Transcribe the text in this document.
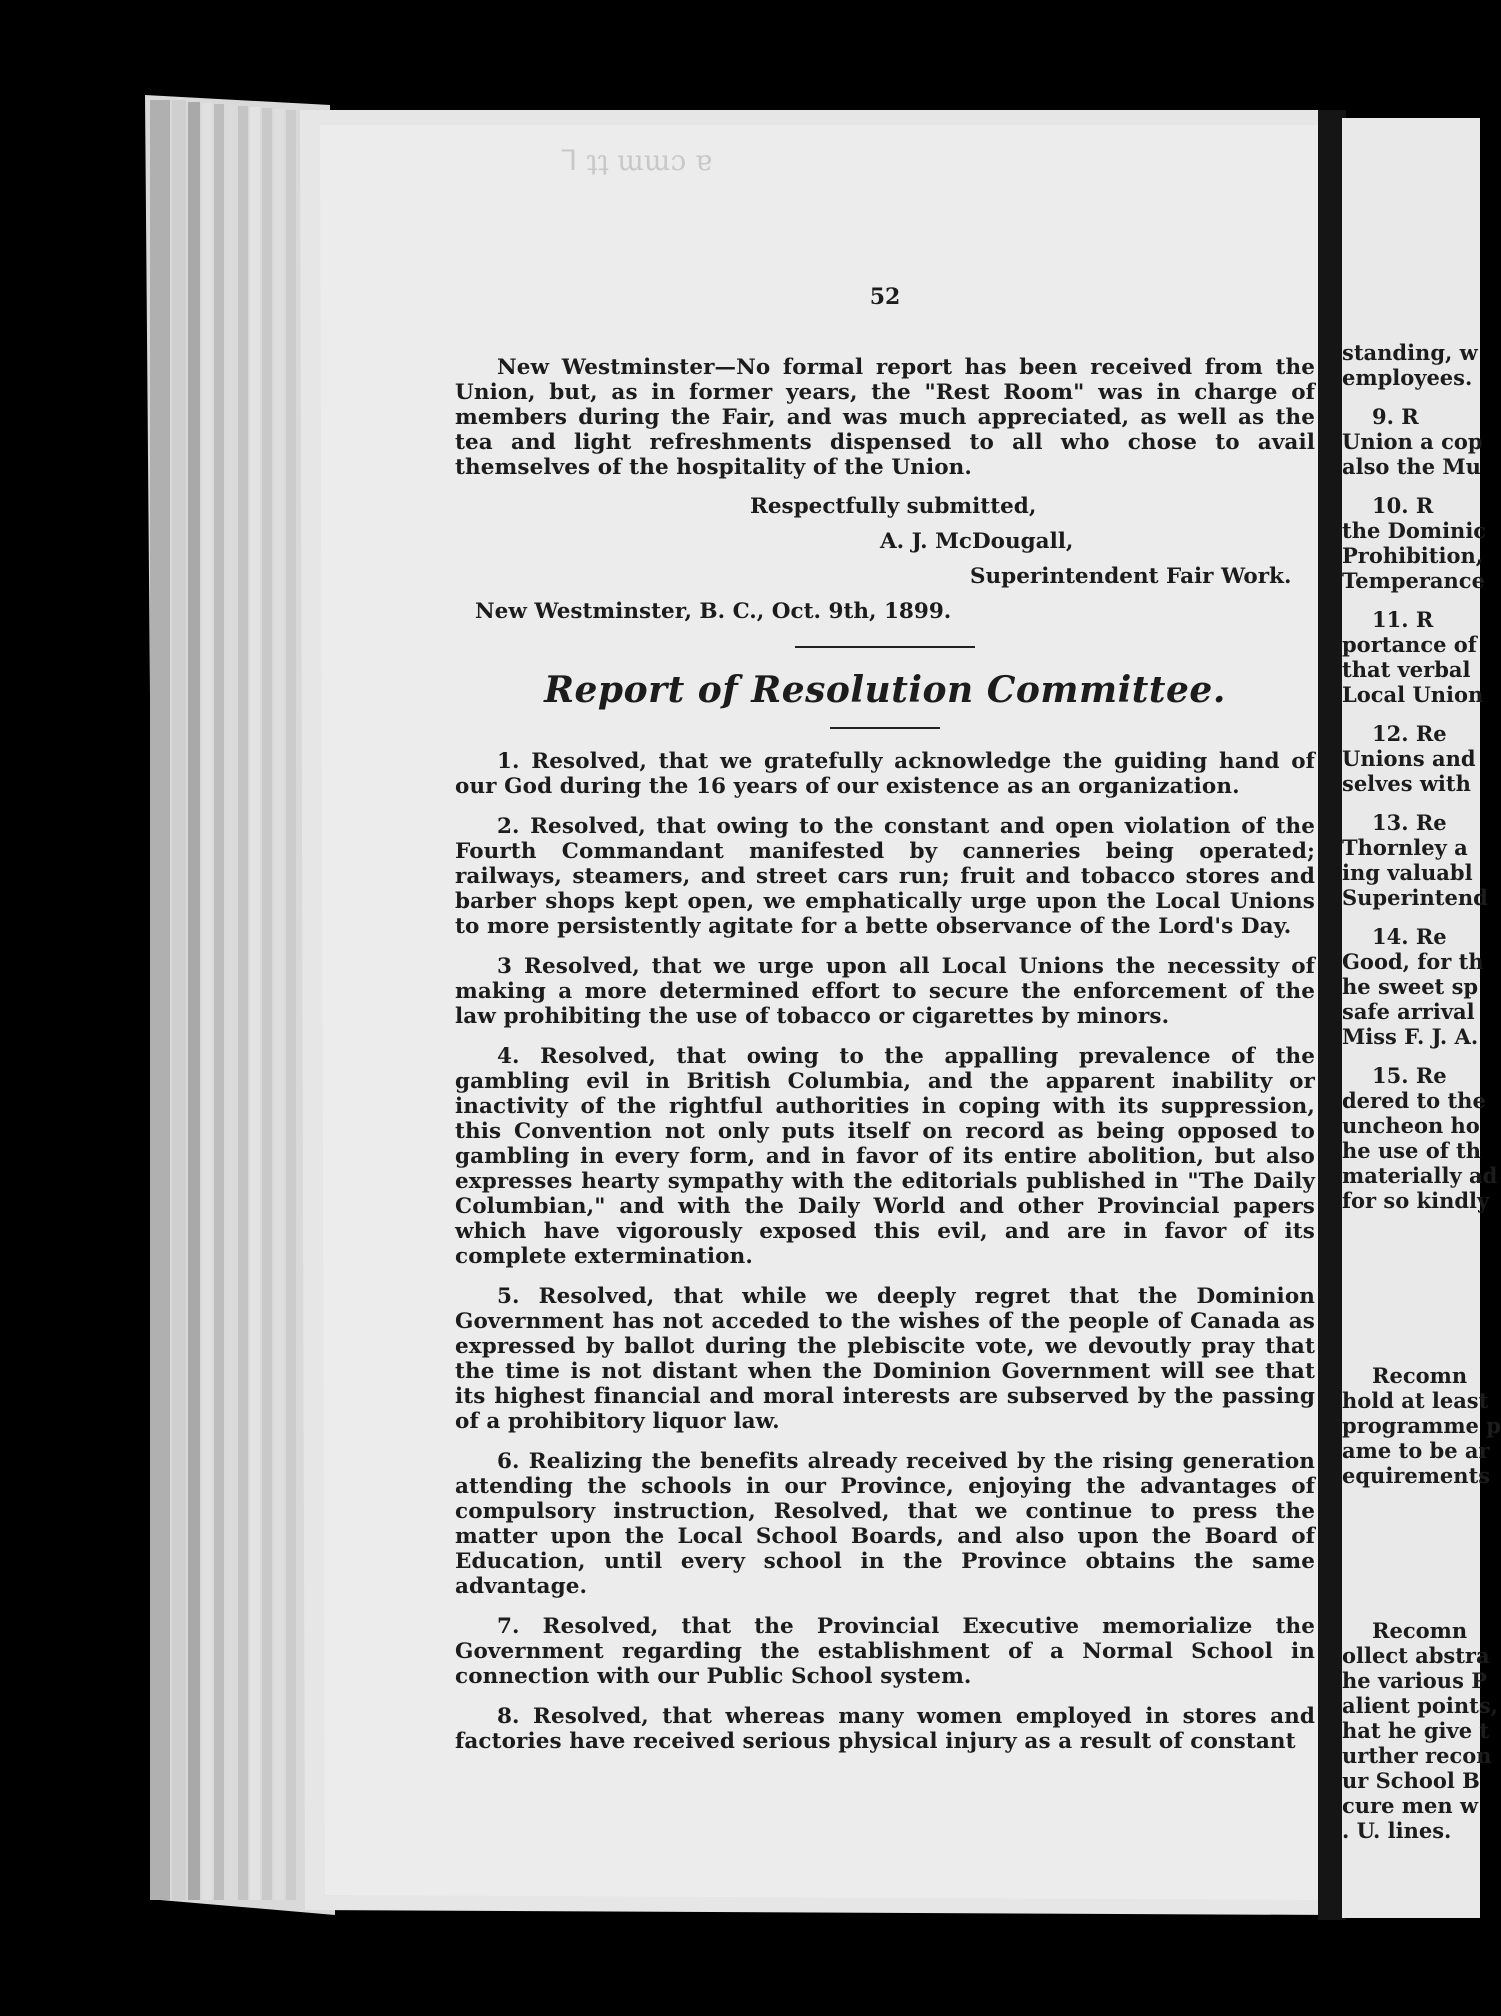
ᒣ ʇʇ ɯɯɔ ɐ
52

New Westminster—No formal report has been received from the Union, but, as in former years, the "Rest Room" was in charge of members during the Fair, and was much appreciated, as well as the tea and light refreshments dispensed to all who chose to avail themselves of the hospitality of the Union.

Respectfully submitted,
A. J. McDougall,
Superintendent Fair Work.
New Westminster, B. C., Oct. 9th, 1899.
Report of Resolution Committee.

1. Resolved, that we gratefully acknowledge the guiding hand of our God during the 16 years of our existence as an organization.

2. Resolved, that owing to the constant and open violation of the Fourth Commandant manifested by canneries being operated; railways, steamers, and street cars run; fruit and tobacco stores and barber shops kept open, we emphatically urge upon the Local Unions to more persistently agitate for a bette observance of the Lord's Day.

3 Resolved, that we urge upon all Local Unions the necessity of making a more determined effort to secure the enforcement of the law prohibiting the use of tobacco or cigarettes by minors.

4. Resolved, that owing to the appalling prevalence of the gambling evil in British Columbia, and the apparent inability or inactivity of the rightful authorities in coping with its suppression, this Convention not only puts itself on record as being opposed to gambling in every form, and in favor of its entire abolition, but also expresses hearty sympathy with the editorials published in "The Daily Columbian," and with the Daily World and other Provincial papers which have vigorously exposed this evil, and are in favor of its complete extermination.

5. Resolved, that while we deeply regret that the Dominion Government has not acceded to the wishes of the people of Canada as expressed by ballot during the plebiscite vote, we devoutly pray that the time is not distant when the Dominion Government will see that its highest financial and moral interests are subserved by the passing of a prohibitory liquor law.

6. Realizing the benefits already received by the rising generation attending the schools in our Province, enjoying the advantages of compulsory instruction, Resolved, that we continue to press the matter upon the Local School Boards, and also upon the Board of Education, until every school in the Province obtains the same advantage.

7. Resolved, that the Provincial Executive memorialize the Government regarding the establishment of a Normal School in connection with our Public School system.

8. Resolved, that whereas many women employed in stores and factories have received serious physical injury as a result of constant

standing, w
employees.
9. R
Union a cop
also the Mu
10. R
the Dominic
Prohibition,
Temperance
11. R
portance of
that verbal
Local Union
12. Re
Unions and
selves with
13. Re
Thornley a
ing valuabl
Superintend
14. Re
Good, for th
he sweet sp
safe arrival
Miss F. J. A.
15. Re
dered to the
uncheon ho
he use of th
materially ad
for so kindly
Recomn
hold at least
programme p
ame to be ar
equirements
Recomn
ollect abstra
he various P
alient points,
hat he give t
urther recon
ur School B
cure men w
. U. lines.
